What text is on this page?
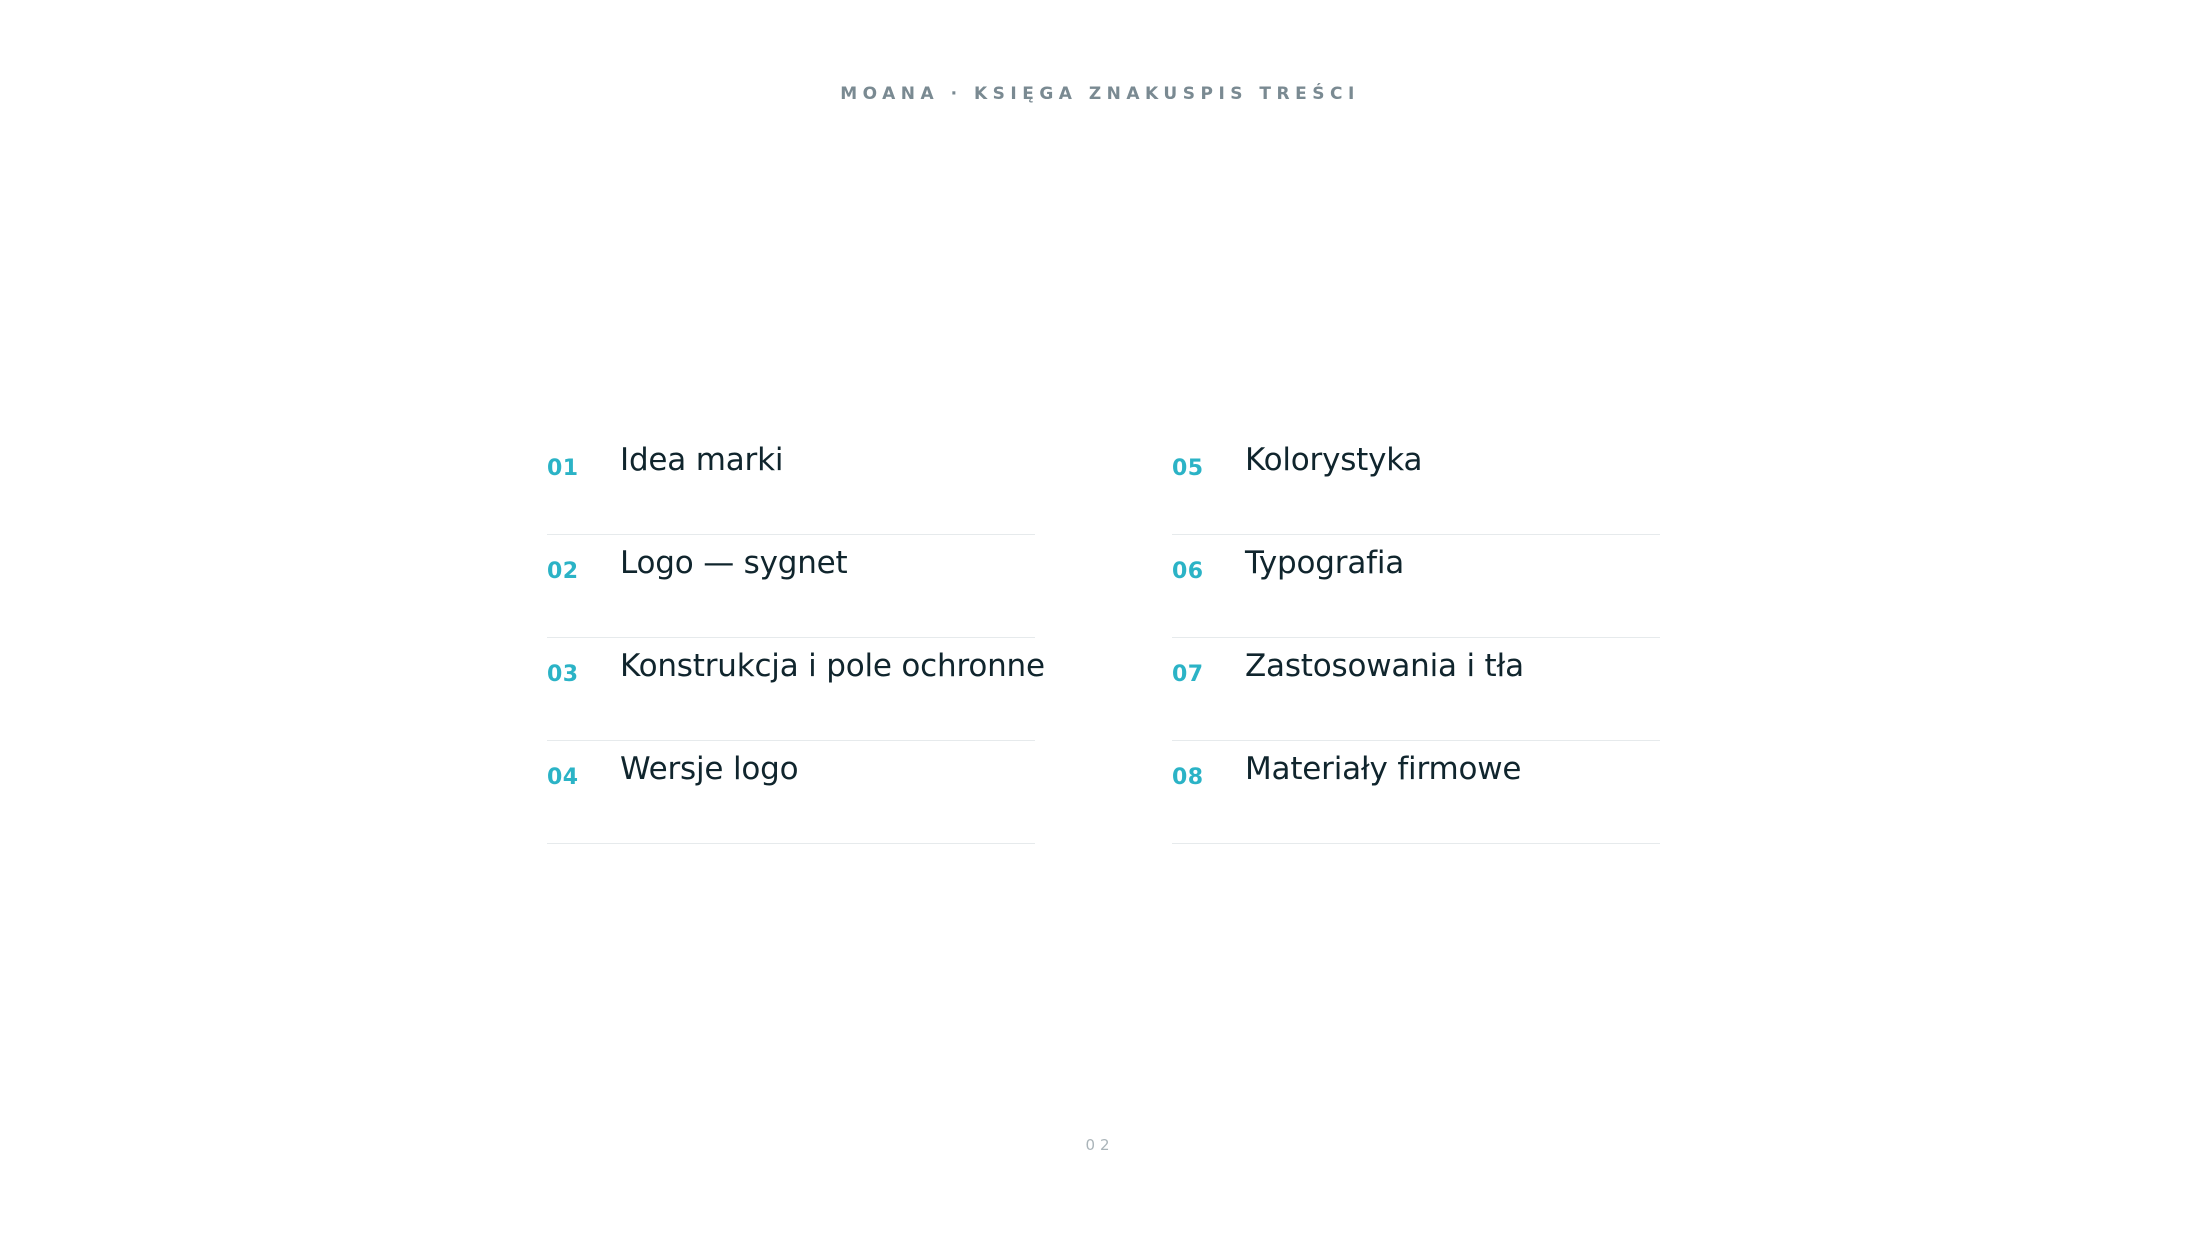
MOANA · KSIĘGA ZNAKUSPIS TREŚCI
01 Idea marki
02 Logo — sygnet
03 Konstrukcja i pole ochronne
04 Wersje logo
05 Kolorystyka
06 Typografia
07 Zastosowania i tła
08 Materiały firmowe
02
